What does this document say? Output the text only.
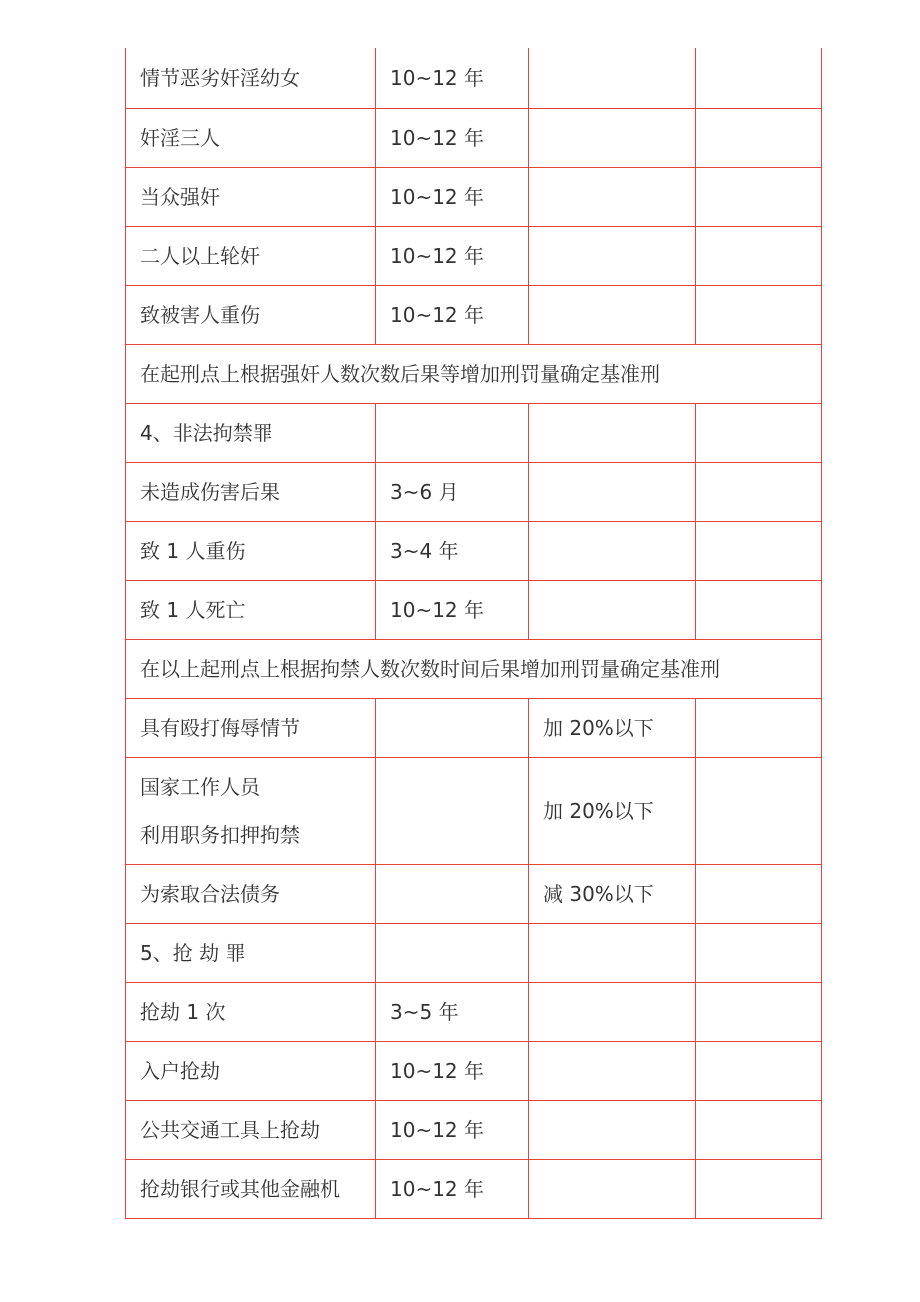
情节恶劣奸淫幼女	10~12 年		
奸淫三人	10~12 年		
当众强奸	10~12 年		
二人以上轮奸	10~12 年		
致被害人重伤	10~12 年		
在起刑点上根据强奸人数次数后果等增加刑罚量确定基准刑			
4、非法拘禁罪			
未造成伤害后果	3~6 月		
致 1 人重伤	3~4 年		
致 1 人死亡	10~12 年		
在以上起刑点上根据拘禁人数次数时间后果增加刑罚量确定基准刑			
具有殴打侮辱情节		加 20%以下	

国家工作人员
利用职务扣押拘禁		加 20%以下	
为索取合法债务		减 30%以下	
5、抢 劫 罪			
抢劫 1 次	3~5 年		
入户抢劫	10~12 年		
公共交通工具上抢劫	10~12 年		
抢劫银行或其他金融机	10~12 年		
